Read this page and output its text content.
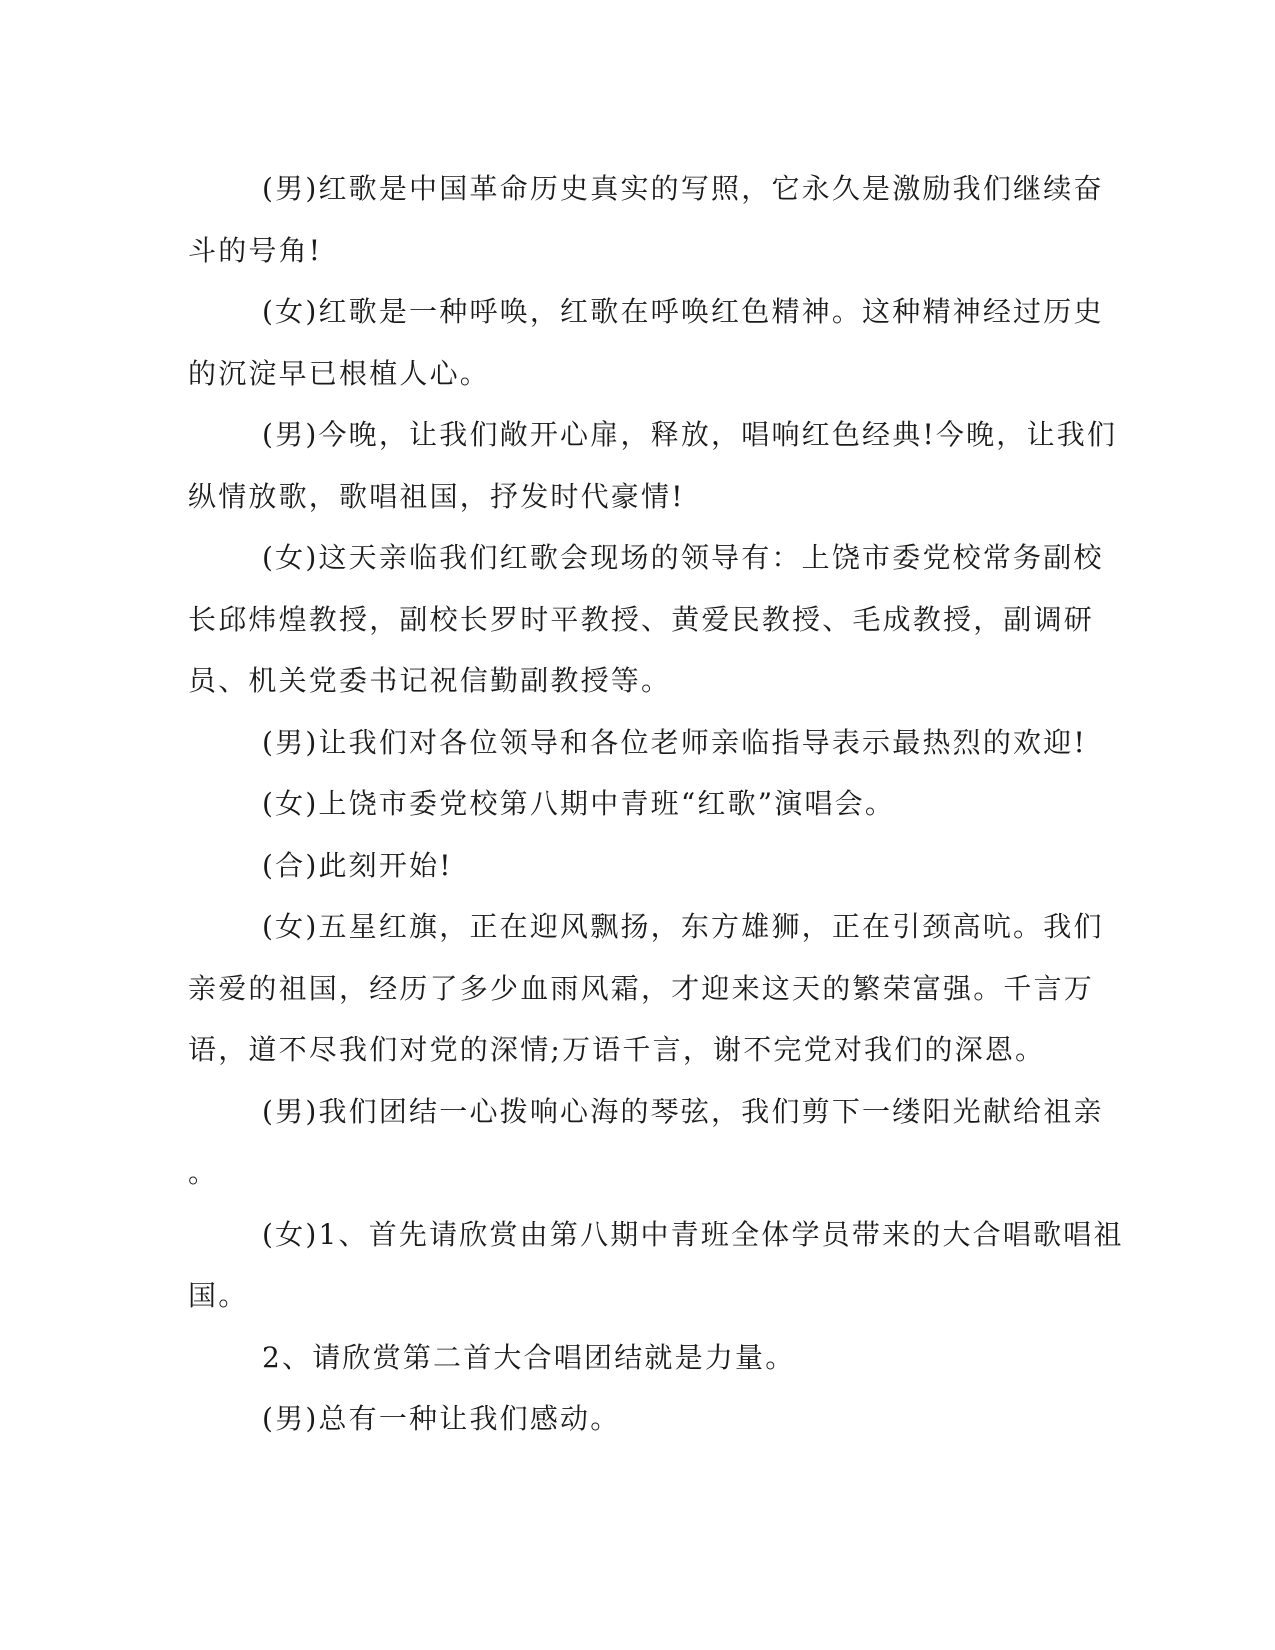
(男)红歌是中国革命历史真实的写照，它永久是激励我们继续奋
斗的号角!

(女)红歌是一种呼唤，红歌在呼唤红色精神。这种精神经过历史
的沉淀早已根植人心。

(男)今晚，让我们敞开心扉，释放，唱响红色经典!今晚，让我们
纵情放歌，歌唱祖国，抒发时代豪情!

(女)这天亲临我们红歌会现场的领导有：上饶市委党校常务副校
长邱炜煌教授，副校长罗时平教授、黄爱民教授、毛成教授，副调研
员、机关党委书记祝信勤副教授等。

(男)让我们对各位领导和各位老师亲临指导表示最热烈的欢迎!

(女)上饶市委党校第八期中青班“红歌”演唱会。

(合)此刻开始!

(女)五星红旗，正在迎风飘扬，东方雄狮，正在引颈高吭。我们
亲爱的祖国，经历了多少血雨风霜，才迎来这天的繁荣富强。千言万
语，道不尽我们对党的深情;万语千言，谢不完党对我们的深恩。

(男)我们团结一心拨响心海的琴弦，我们剪下一缕阳光献给祖亲
。

(女)1、首先请欣赏由第八期中青班全体学员带来的大合唱歌唱祖
国。

2、请欣赏第二首大合唱团结就是力量。

(男)总有一种让我们感动。
